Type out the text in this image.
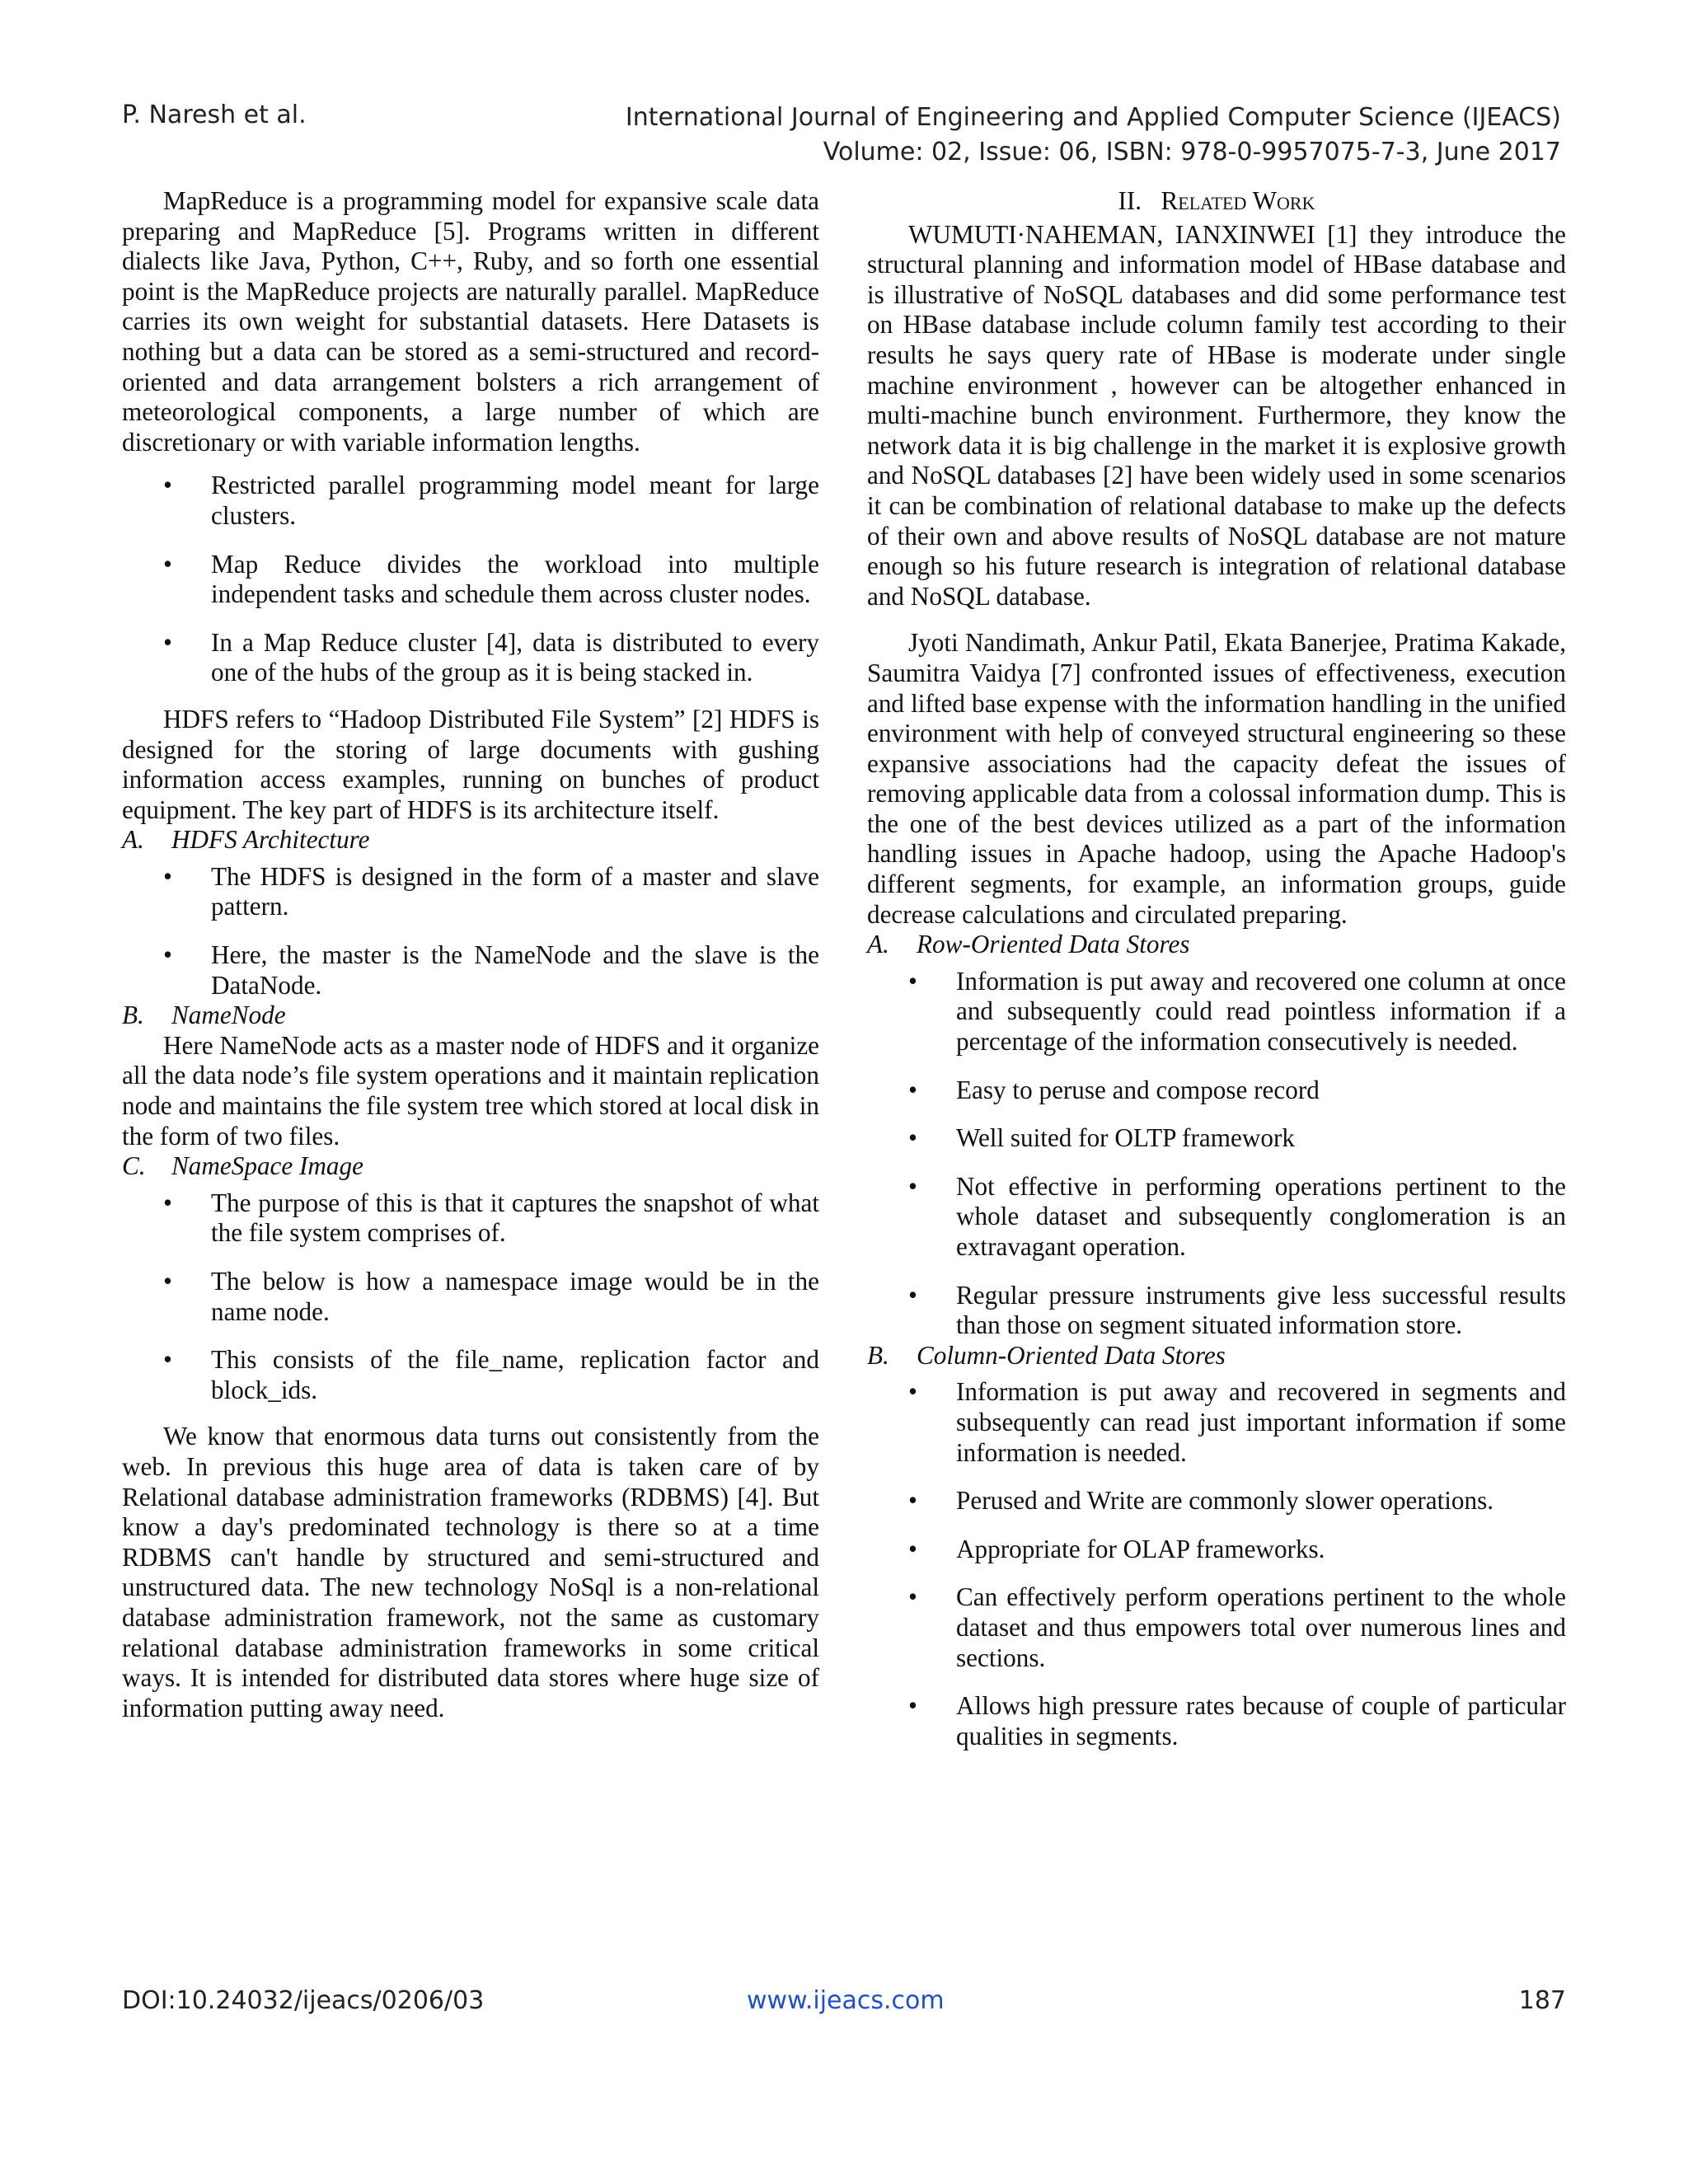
P. Naresh et al.	International Journal of Engineering and Applied Computer Science (IJEACS)
Volume: 02, Issue: 06, ISBN: 978-0-9957075-7-3, June 2017

MapReduce is a programming model for expansive scale data preparing and MapReduce [5]. Programs written in different dialects like Java, Python, C++, Ruby, and so forth one essential point is the MapReduce projects are naturally parallel. MapReduce carries its own weight for substantial datasets. Here Datasets is nothing but a data can be stored as a semi-structured and record-oriented and data arrangement bolsters a rich arrangement of meteorological components, a large number of which are discretionary or with variable information lengths.

• Restricted parallel programming model meant for large clusters.
• Map Reduce divides the workload into multiple independent tasks and schedule them across cluster nodes.
• In a Map Reduce cluster [4], data is distributed to every one of the hubs of the group as it is being stacked in.

HDFS refers to “Hadoop Distributed File System” [2] HDFS is designed for the storing of large documents with gushing information access examples, running on bunches of product equipment. The key part of HDFS is its architecture itself.

A. HDFS Architecture

• The HDFS is designed in the form of a master and slave pattern.
• Here, the master is the NameNode and the slave is the DataNode.

B. NameNode

Here NameNode acts as a master node of HDFS and it organize all the data node’s file system operations and it maintain replication node and maintains the file system tree which stored at local disk in the form of two files.

C. NameSpace Image

• The purpose of this is that it captures the snapshot of what the file system comprises of.
• The below is how a namespace image would be in the name node.
• This consists of the file_name, replication factor and block_ids.

We know that enormous data turns out consistently from the web. In previous this huge area of data is taken care of by Relational database administration frameworks (RDBMS) [4]. But know a day's predominated technology is there so at a time RDBMS can't handle by structured and semi-structured and unstructured data. The new technology NoSql is a non-relational database administration framework, not the same as customary relational database administration frameworks in some critical ways. It is intended for distributed data stores where huge size of information putting away need.

II. Related Work

WUMUTI·NAHEMAN, IANXINWEI [1] they introduce the structural planning and information model of HBase database and is illustrative of NoSQL databases and did some performance test on HBase database include column family test according to their results he says query rate of HBase is moderate under single machine environment , however can be altogether enhanced in multi-machine bunch environment. Furthermore, they know the network data it is big challenge in the market it is explosive growth and NoSQL databases [2] have been widely used in some scenarios it can be combination of relational database to make up the defects of their own and above results of NoSQL database are not mature enough so his future research is integration of relational database and NoSQL database.

Jyoti Nandimath, Ankur Patil, Ekata Banerjee, Pratima Kakade, Saumitra Vaidya [7] confronted issues of effectiveness, execution and lifted base expense with the information handling in the unified environment with help of conveyed structural engineering so these expansive associations had the capacity defeat the issues of removing applicable data from a colossal information dump. This is the one of the best devices utilized as a part of the information handling issues in Apache hadoop, using the Apache Hadoop's different segments, for example, an information groups, guide decrease calculations and circulated preparing.

A. Row-Oriented Data Stores

• Information is put away and recovered one column at once and subsequently could read pointless information if a percentage of the information consecutively is needed.
• Easy to peruse and compose record
• Well suited for OLTP framework
• Not effective in performing operations pertinent to the whole dataset and subsequently conglomeration is an extravagant operation.
• Regular pressure instruments give less successful results than those on segment situated information store.

B. Column-Oriented Data Stores

• Information is put away and recovered in segments and subsequently can read just important information if some information is needed.
• Perused and Write are commonly slower operations.
• Appropriate for OLAP frameworks.
• Can effectively perform operations pertinent to the whole dataset and thus empowers total over numerous lines and sections.
• Allows high pressure rates because of couple of particular qualities in segments.
DOI:10.24032/ijeacs/0206/03	www.ijeacs.com	187
